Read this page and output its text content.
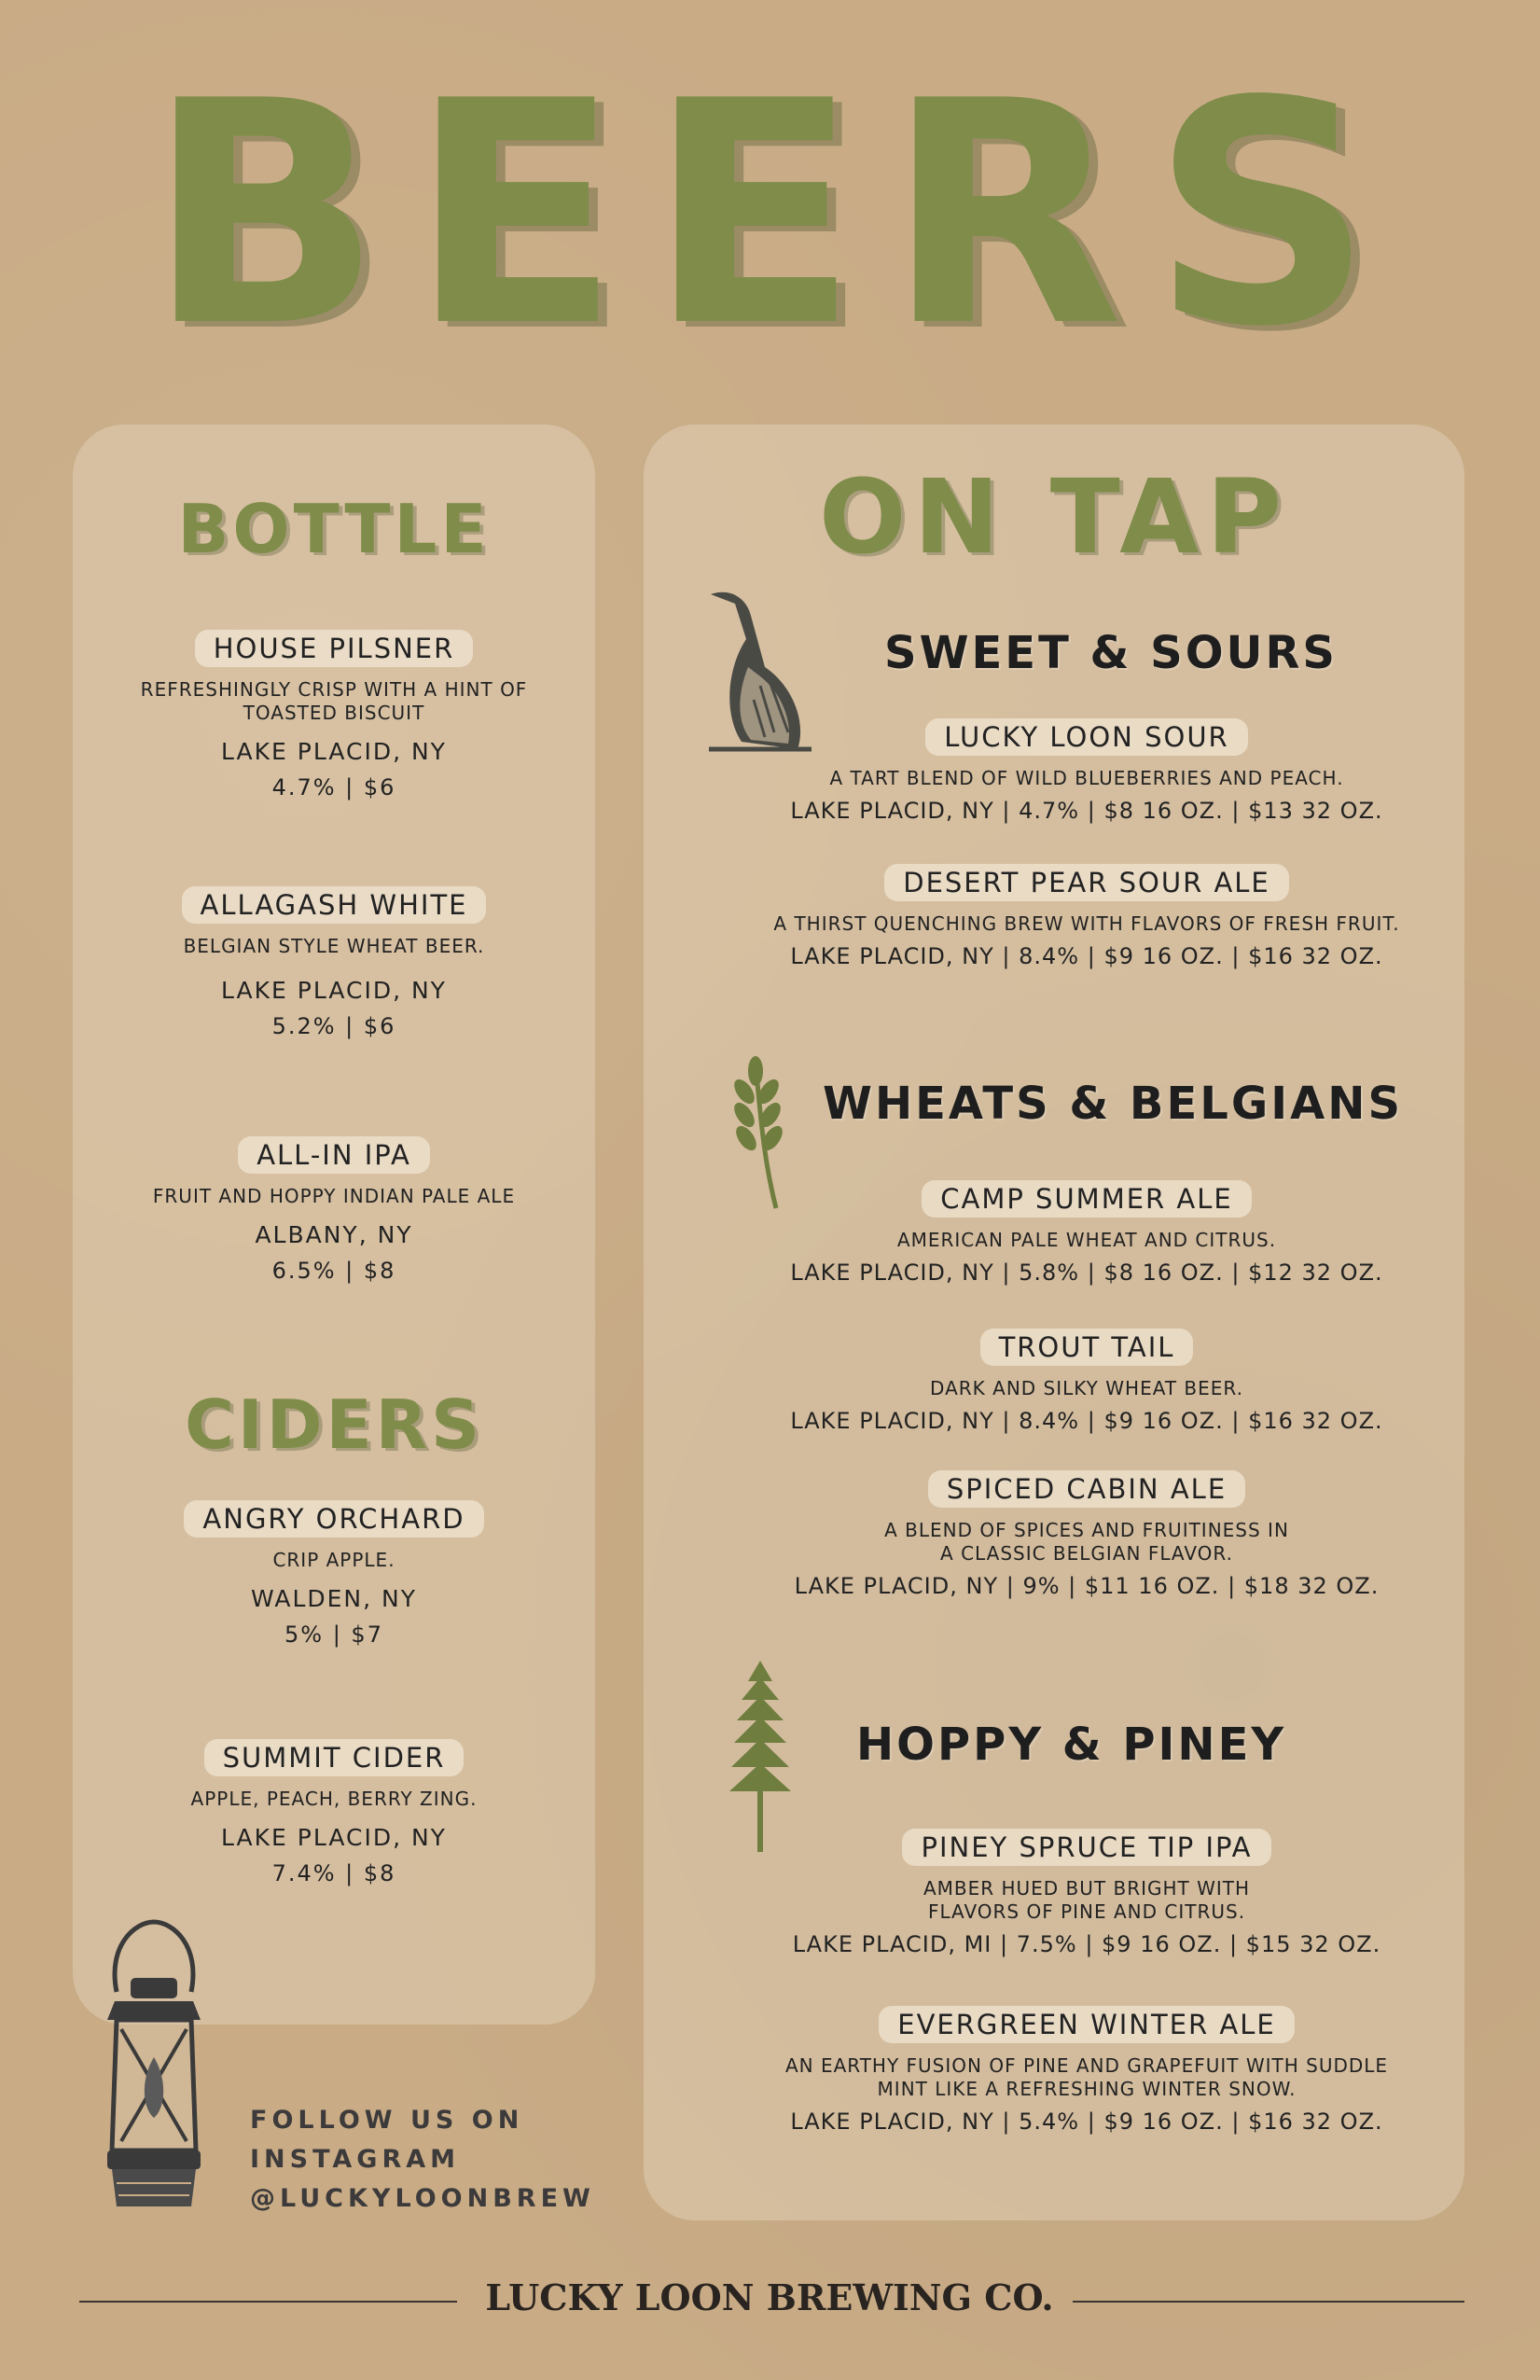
BEERS
BOTTLE
HOUSE PILSNER
REFRESHINGLY CRISP WITH A HINT OF TOASTED BISCUIT
LAKE PLACID, NY
4.7% | $6
ALLAGASH WHITE
BELGIAN STYLE WHEAT BEER.
LAKE PLACID, NY
5.2% | $6
ALL-IN IPA
FRUIT AND HOPPY INDIAN PALE ALE
ALBANY, NY
6.5% | $8
CIDERS
ANGRY ORCHARD
CRIP APPLE.
WALDEN, NY
5% | $7
SUMMIT CIDER
APPLE, PEACH, BERRY ZING.
LAKE PLACID, NY
7.4% | $8
FOLLOW US ON
INSTAGRAM
@LUCKYLOONBREW
ON TAP
SWEET & SOURS
LUCKY LOON SOUR
A TART BLEND OF WILD BLUEBERRIES AND PEACH.
LAKE PLACID, NY | 4.7% | $8 16 OZ. | $13 32 OZ.
DESERT PEAR SOUR ALE
A THIRST QUENCHING BREW WITH FLAVORS OF FRESH FRUIT.
LAKE PLACID, NY | 8.4% | $9 16 OZ. | $16 32 OZ.
WHEATS & BELGIANS
CAMP SUMMER ALE
AMERICAN PALE WHEAT AND CITRUS.
LAKE PLACID, NY | 5.8% | $8 16 OZ. | $12 32 OZ.
TROUT TAIL
DARK AND SILKY WHEAT BEER.
LAKE PLACID, NY | 8.4% | $9 16 OZ. | $16 32 OZ.
SPICED CABIN ALE
A BLEND OF SPICES AND FRUITINESS IN A CLASSIC BELGIAN FLAVOR.
LAKE PLACID, NY | 9% | $11 16 OZ. | $18 32 OZ.
HOPPY & PINEY
PINEY SPRUCE TIP IPA
AMBER HUED BUT BRIGHT WITH FLAVORS OF PINE AND CITRUS.
LAKE PLACID, MI | 7.5% | $9 16 OZ. | $15 32 OZ.
EVERGREEN WINTER ALE
AN EARTHY FUSION OF PINE AND GRAPEFUIT WITH SUDDLE MINT LIKE A REFRESHING WINTER SNOW.
LAKE PLACID, NY | 5.4% | $9 16 OZ. | $16 32 OZ.
LUCKY LOON BREWING CO.
